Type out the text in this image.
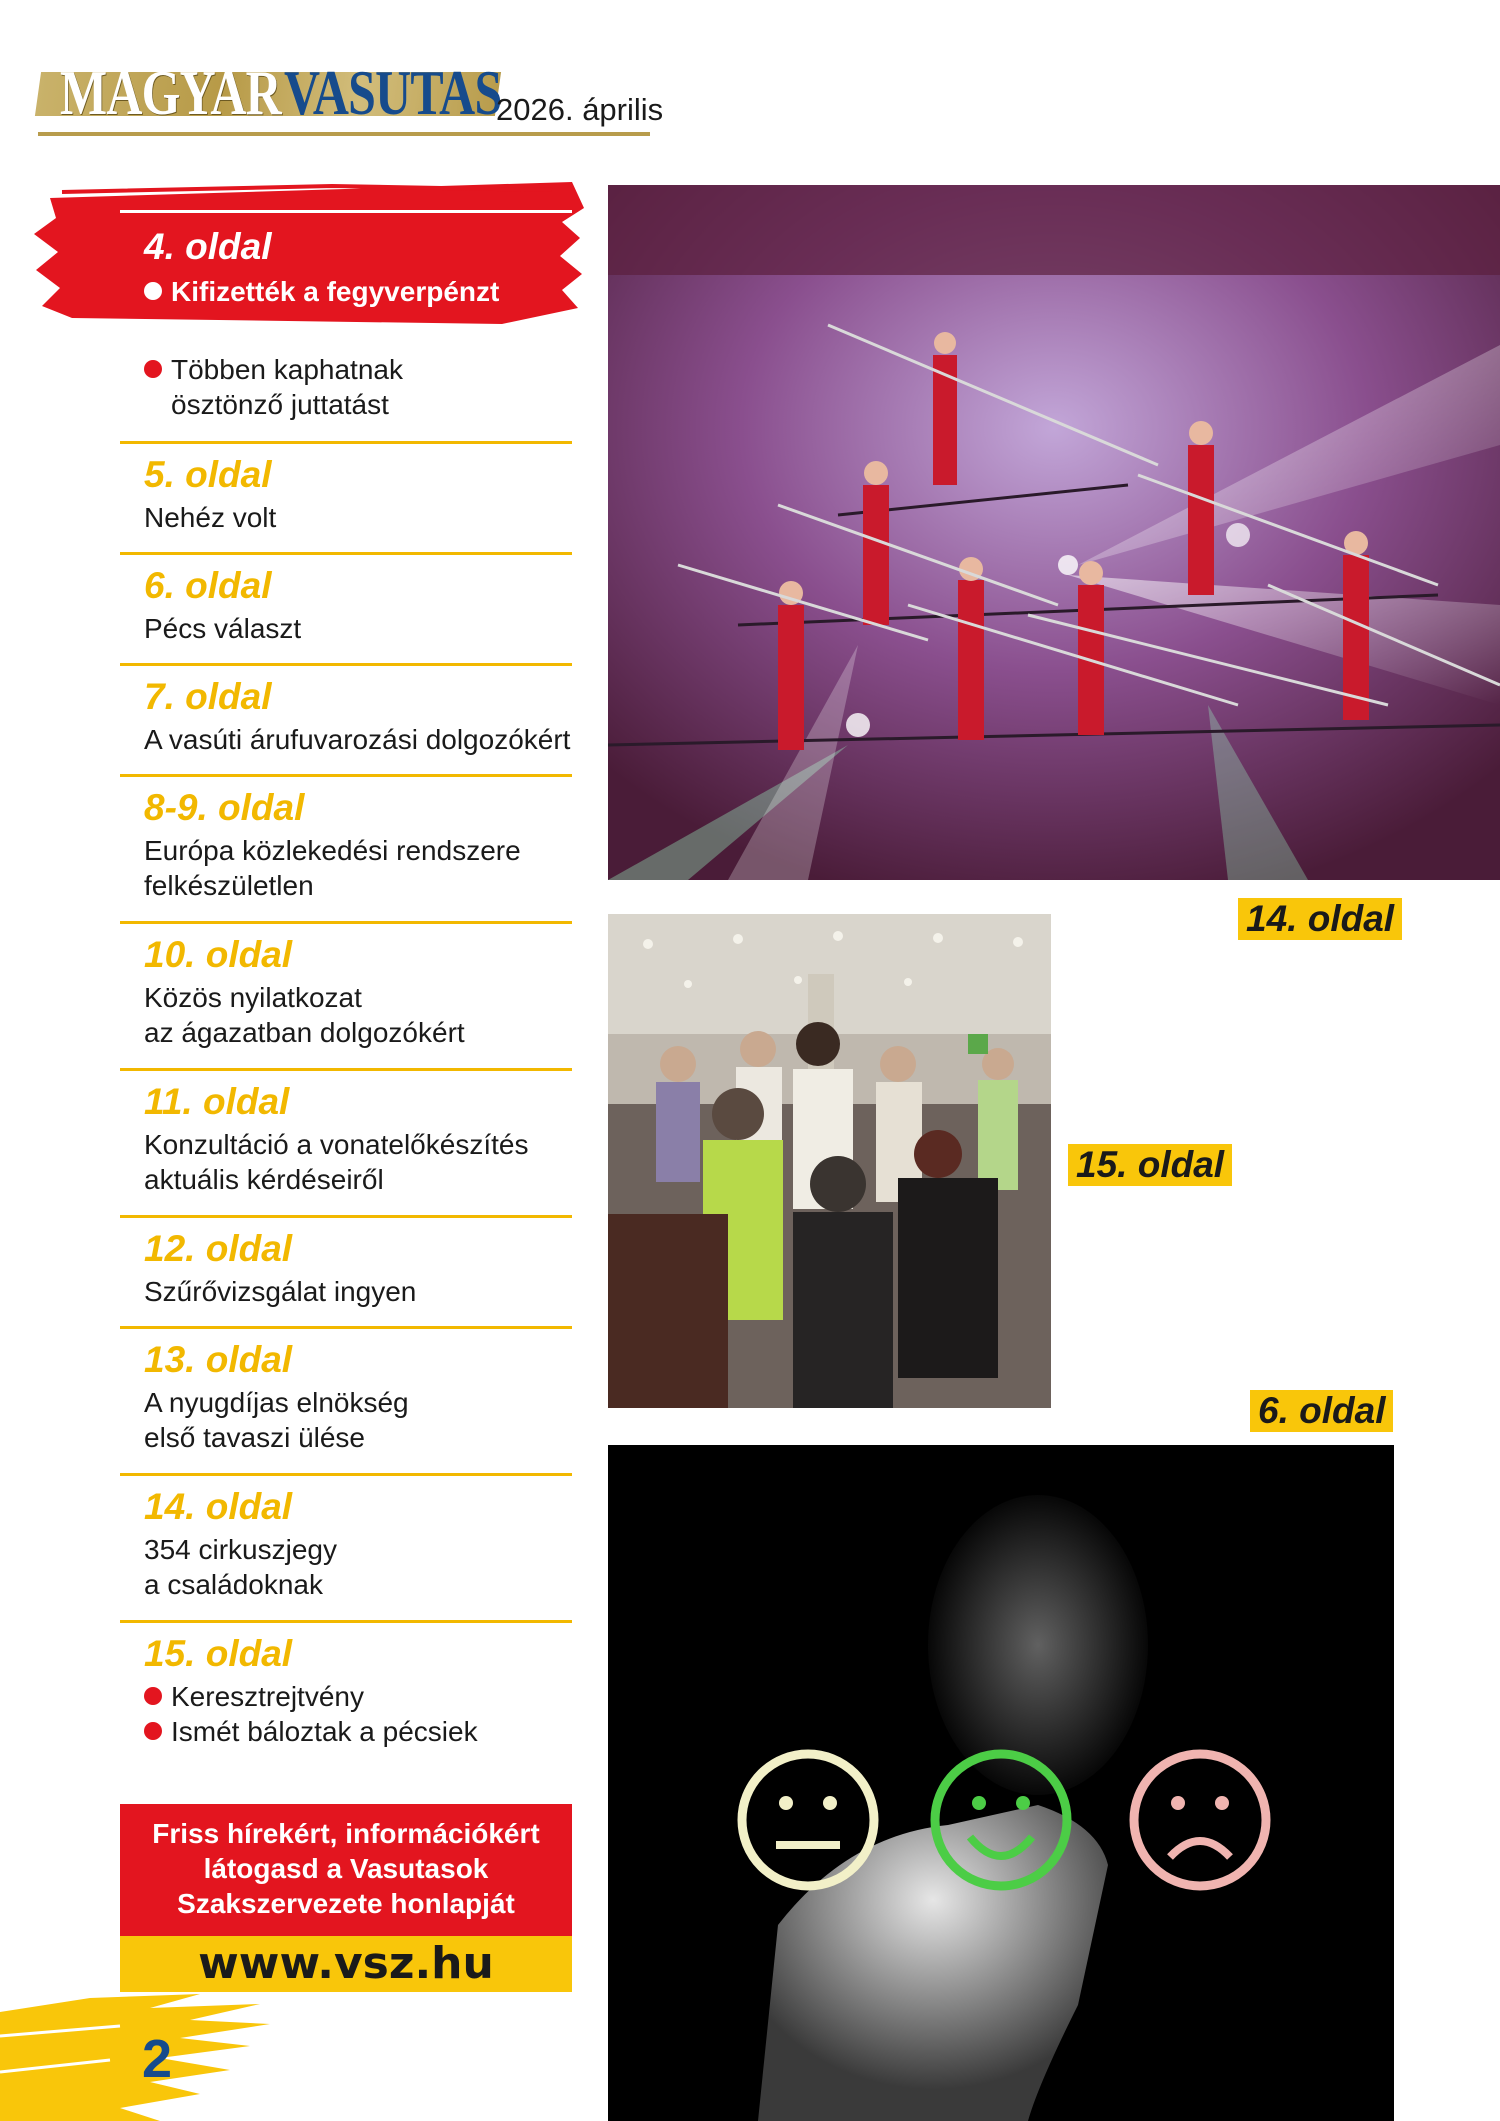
MAGYAR VASUTAS
2026. április
4. oldal
Kifizették a fegyverpénzt
Többen kaphatnak
ösztönző juttatást
5. oldal
Nehéz volt
6. oldal
Pécs választ
7. oldal
A vasúti árufuvarozási dolgozókért
8-9. oldal
Európa közlekedési rendszere
felkészületlen
10. oldal
Közös nyilatkozat
az ágazatban dolgozókért
11. oldal
Konzultáció a vonatelőkészítés
aktuális kérdéseiről
12. oldal
Szűrővizsgálat ingyen
13. oldal
A nyugdíjas elnökség
első tavaszi ülése
14. oldal
354 cirkuszjegy
a családoknak
15. oldal
Keresztrejtvény
Ismét báloztak a pécsiek
Friss hírekért, információkért
látogasd a Vasutasok
Szakszervezete honlapját
www.vsz.hu
2
14. oldal
15. oldal
6. oldal
